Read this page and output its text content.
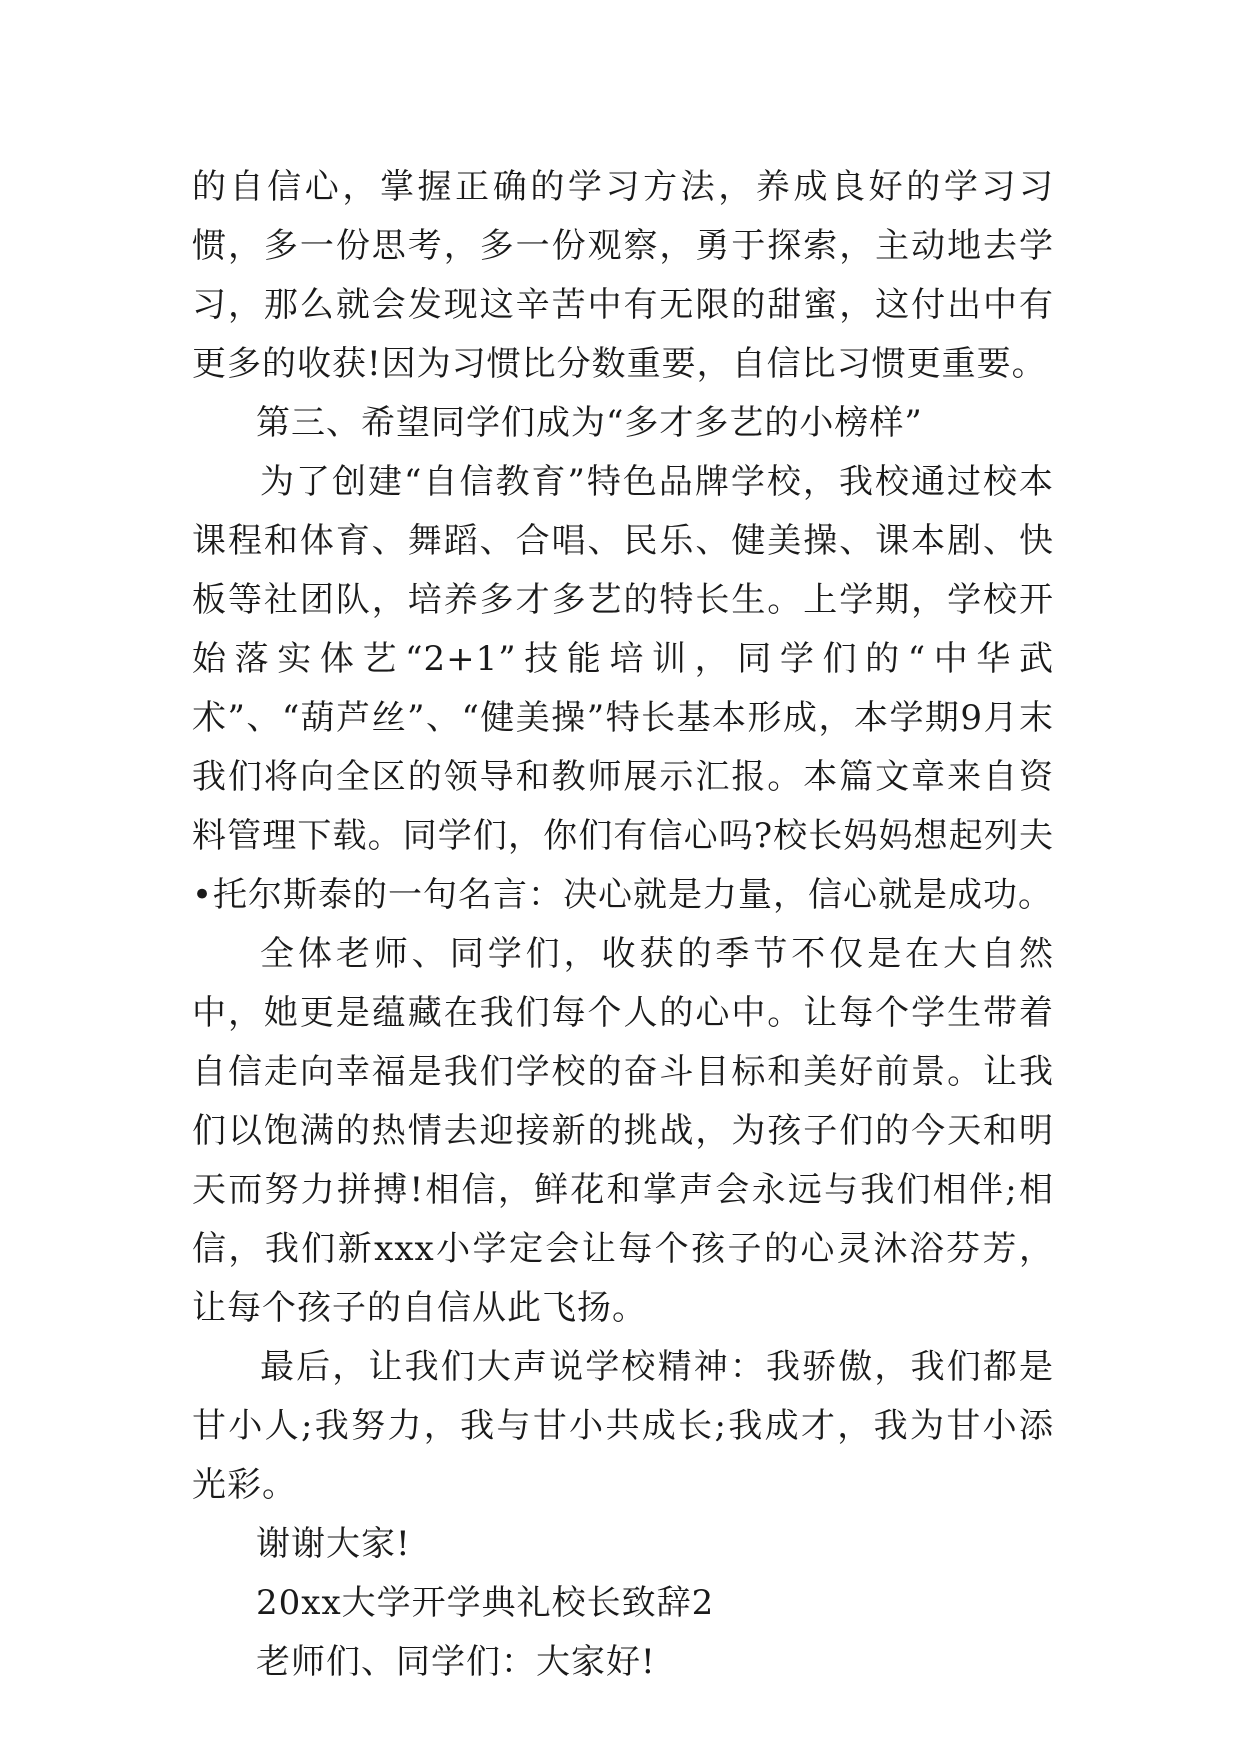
的自信心，掌握正确的学习方法，养成良好的学习习惯，多一份思考，多一份观察，勇于探索，主动地去学习，那么就会发现这辛苦中有无限的甜蜜，这付出中有更多的收获!因为习惯比分数重要，自信比习惯更重要。

第三、希望同学们成为“多才多艺的小榜样”

为了创建“自信教育”特色品牌学校，我校通过校本课程和体育、舞蹈、合唱、民乐、健美操、课本剧、快板等社团队，培养多才多艺的特长生。上学期，学校开始落实体艺“2+1”技能培训，同学们的“中华武术”、“葫芦丝”、“健美操”特长基本形成，本学期9月末我们将向全区的领导和教师展示汇报。本篇文章来自资料管理下载。同学们，你们有信心吗?校长妈妈想起列夫•托尔斯泰的一句名言：决心就是力量，信心就是成功。

全体老师、同学们，收获的季节不仅是在大自然中，她更是蕴藏在我们每个人的心中。让每个学生带着自信走向幸福是我们学校的奋斗目标和美好前景。让我们以饱满的热情去迎接新的挑战，为孩子们的今天和明天而努力拼搏!相信，鲜花和掌声会永远与我们相伴;相信，我们新xxx小学定会让每个孩子的心灵沐浴芬芳，让每个孩子的自信从此飞扬。

最后，让我们大声说学校精神：我骄傲，我们都是甘小人;我努力，我与甘小共成长;我成才，我为甘小添光彩。

谢谢大家!

20xx大学开学典礼校长致辞2

老师们、同学们：大家好!
